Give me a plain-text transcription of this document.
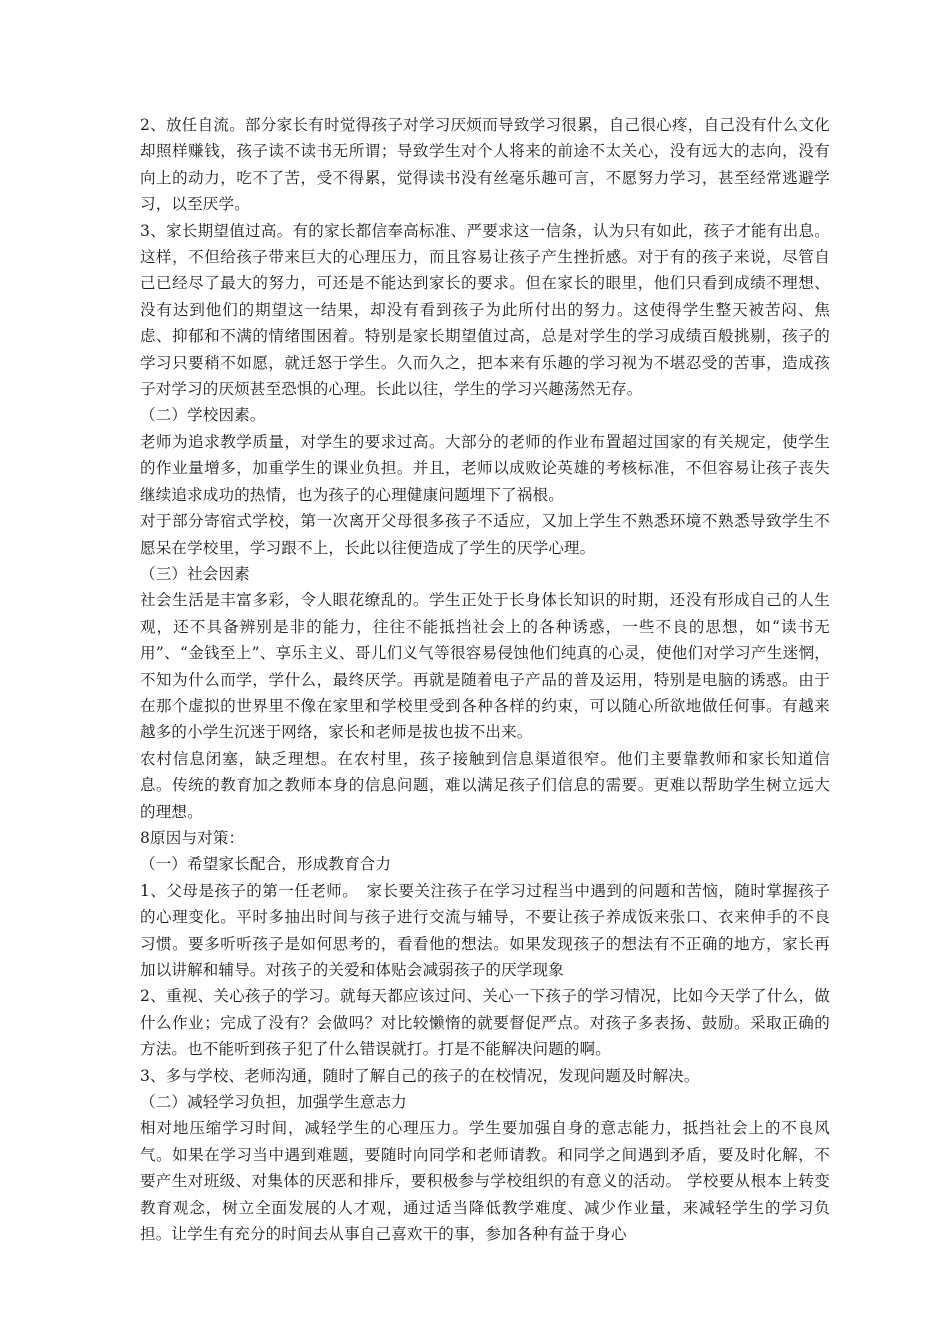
2、放任自流。部分家长有时觉得孩子对学习厌烦而导致学习很累，自己很心疼，自己没有什么文化却照样赚钱，孩子读不读书无所谓；导致学生对个人将来的前途不太关心，没有远大的志向，没有向上的动力，吃不了苦，受不得累，觉得读书没有丝毫乐趣可言，不愿努力学习，甚至经常逃避学习，以至厌学。

3、家长期望值过高。有的家长都信奉高标准、严要求这一信条，认为只有如此，孩子才能有出息。这样，不但给孩子带来巨大的心理压力，而且容易让孩子产生挫折感。对于有的孩子来说，尽管自己已经尽了最大的努力，可还是不能达到家长的要求。但在家长的眼里，他们只看到成绩不理想、没有达到他们的期望这一结果，却没有看到孩子为此所付出的努力。这使得学生整天被苦闷、焦虑、抑郁和不满的情绪围困着。特别是家长期望值过高，总是对学生的学习成绩百般挑剔，孩子的学习只要稍不如愿，就迁怒于学生。久而久之，把本来有乐趣的学习视为不堪忍受的苦事，造成孩子对学习的厌烦甚至恐惧的心理。长此以往，学生的学习兴趣荡然无存。

（二）学校因素。

老师为追求教学质量，对学生的要求过高。大部分的老师的作业布置超过国家的有关规定，使学生的作业量增多，加重学生的课业负担。并且，老师以成败论英雄的考核标准，不但容易让孩子丧失继续追求成功的热情，也为孩子的心理健康问题埋下了祸根。

对于部分寄宿式学校，第一次离开父母很多孩子不适应，又加上学生不熟悉环境不熟悉导致学生不愿呆在学校里，学习跟不上，长此以往便造成了学生的厌学心理。

（三）社会因素

社会生活是丰富多彩，令人眼花缭乱的。学生正处于长身体长知识的时期，还没有形成自己的人生观，还不具备辨别是非的能力，往往不能抵挡社会上的各种诱惑，一些不良的思想，如“读书无用”、“金钱至上”、享乐主义、哥儿们义气等很容易侵蚀他们纯真的心灵，使他们对学习产生迷惘，不知为什么而学，学什么，最终厌学。再就是随着电子产品的普及运用，特别是电脑的诱惑。由于在那个虚拟的世界里不像在家里和学校里受到各种各样的约束，可以随心所欲地做任何事。有越来越多的小学生沉迷于网络，家长和老师是拔也拔不出来。

农村信息闭塞，缺乏理想。在农村里，孩子接触到信息渠道很窄。他们主要靠教师和家长知道信息。传统的教育加之教师本身的信息问题，难以满足孩子们信息的需要。更难以帮助学生树立远大的理想。

8原因与对策：

（一）希望家长配合，形成教育合力

1、父母是孩子的第一任老师。　家长要关注孩子在学习过程当中遇到的问题和苦恼，随时掌握孩子的心理变化。平时多抽出时间与孩子进行交流与辅导，不要让孩子养成饭来张口、衣来伸手的不良习惯。要多听听孩子是如何思考的，看看他的想法。如果发现孩子的想法有不正确的地方，家长再加以讲解和辅导。对孩子的关爱和体贴会减弱孩子的厌学现象

2、重视、关心孩子的学习。就每天都应该过问、关心一下孩子的学习情况，比如今天学了什么，做什么作业；完成了没有？会做吗？对比较懒惰的就要督促严点。对孩子多表扬、鼓励。采取正确的方法。也不能听到孩子犯了什么错误就打。打是不能解决问题的啊。

3、多与学校、老师沟通，随时了解自己的孩子的在校情况，发现问题及时解决。

（二）减轻学习负担，加强学生意志力

相对地压缩学习时间，减轻学生的心理压力。学生要加强自身的意志能力，抵挡社会上的不良风气。如果在学习当中遇到难题，要随时向同学和老师请教。和同学之间遇到矛盾，要及时化解，不要产生对班级、对集体的厌恶和排斥，要积极参与学校组织的有意义的活动。 学校要从根本上转变教育观念，树立全面发展的人才观，通过适当降低教学难度、减少作业量，来减轻学生的学习负担。让学生有充分的时间去从事自己喜欢干的事，参加各种有益于身心
